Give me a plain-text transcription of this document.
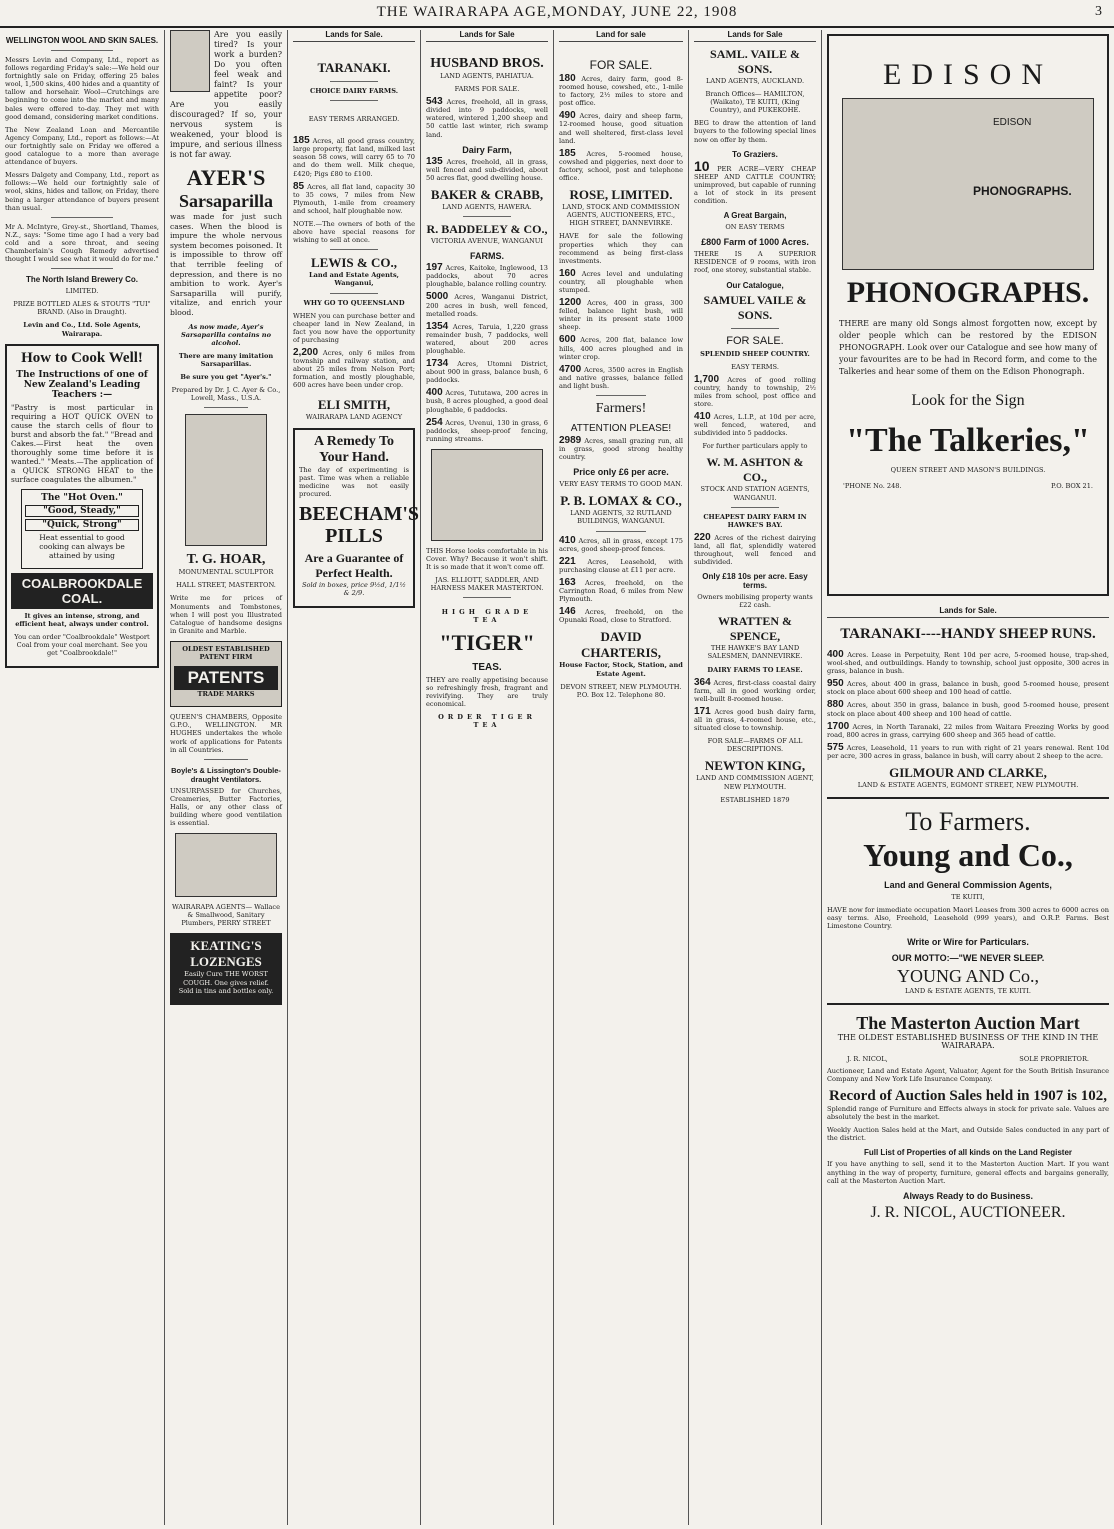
THE WAIRARAPA AGE,MONDAY, JUNE 22, 1908	3
WELLINGTON WOOL AND SKIN SALES.

Messrs Levin and Company, Ltd., report as follows regarding Friday's sale:—We held our fortnightly sale on Friday, offering 25 bales wool, 1,500 skins, 400 hides and a quantity of tallow and horsehair. Wool—Crutchings are beginning to come into the market and many bales were offered to-day. They met with good demand, considering market conditions.

The New Zealand Loan and Mercantile Agency Company, Ltd., report as follows:—At our fortnightly sale on Friday we offered a good catalogue to a more than average attendance of buyers.

Messrs Dalgety and Company, Ltd., report as follows:—We held our fortnightly sale of wool, skins, hides and tallow, on Friday, there being a larger attendance of buyers present than usual.

Mr A. McIntyre, Grey-st., Shortland, Thames, N.Z., says: "Some time ago I had a very bad cold and a sore throat, and seeing Chamberlain's Cough Remedy advertised thought I would see what it would do for me."

The North Island Brewery Co.
LIMITED.

PRIZE BOTTLED ALES & STOUTS "TUI" BRAND. (Also in Draught).

Levin and Co., Ltd. Sole Agents, Wairarapa.

How to Cook Well!
The Instructions of one of New Zealand's Leading Teachers :—

"Pastry is most particular in requiring a HOT QUICK OVEN to cause the starch cells of flour to burst and absorb the fat." "Bread and Cakes.—First heat the oven thoroughly some time before it is wanted." "Meats.—The application of a QUICK STRONG HEAT to the surface coagulates the albumen."

The "Hot Oven."
"Good, Steady,"
"Quick, Strong"
Heat essential to good cooking can always be attained by using
COALBROOKDALE COAL.
It gives an intense, strong, and efficient heat, always under control.
You can order "Coalbrookdale" Westport Coal from your coal merchant. See you get "Coalbrookdale!"

Are you easily tired? Is your work a burden? Do you often feel weak and faint? Is your appetite poor? Are you easily discouraged? If so, your nervous system is weakened, your blood is impure, and serious illness is not far away.

AYER'S
Sarsaparilla

was made for just such cases. When the blood is impure the whole nervous system becomes poisoned. It is impossible to throw off that terrible feeling of depression, and there is no ambition to work. Ayer's Sarsaparilla will purify, vitalize, and enrich your blood.

As now made, Ayer's Sarsaparilla contains no alcohol.
There are many imitation Sarsaparillas.
Be sure you get "Ayer's."
Prepared by Dr. J. C. Ayer & Co., Lowell, Mass., U.S.A.
T. G. HOAR,
MONUMENTAL SCULPTOR
HALL STREET, MASTERTON.

Write me for prices of Monuments and Tombstones, when I will post you Illustrated Catalogue of handsome designs in Granite and Marble.

OLDEST ESTABLISHED PATENT FIRM
PATENTS
TRADE MARKS

QUEEN'S CHAMBERS, Opposite G.P.O., WELLINGTON. MR HUGHES undertakes the whole work of applications for Patents in all Countries.

Boyle's & Lissington's Double-draught Ventilators.

UNSURPASSED for Churches, Creameries, Butter Factories, Halls, or any other class of building where good ventilation is essential.

WAIRARAPA AGENTS— Wallace & Smallwood, Sanitary Plumbers, PERRY STREET

KEATING'S LOZENGES

Easily Cure THE WORST COUGH. One gives relief. Sold in tins and bottles only.

Lands for Sale.
TARANAKI.
CHOICE DAIRY FARMS.
EASY TERMS ARRANGED.

185 Acres, all good grass country, large property, flat land, milked last season 58 cows, will carry 65 to 70 and do them well. Milk cheque, £420; Pigs £80 to £100.

85 Acres, all flat land, capacity 30 to 35 cows, 7 miles from New Plymouth, 1-mile from creamery and school, half ploughable now.

NOTE.—The owners of both of the above have special reasons for wishing to sell at once.

LEWIS & CO.,
Land and Estate Agents, Wanganui,
WHY GO TO QUEENSLAND

WHEN you can purchase better and cheaper land in New Zealand, in fact you now have the opportunity of purchasing

2,200 Acres, only 6 miles from township and railway station, and about 25 miles from Nelson Port; formation, and mostly ploughable, 600 acres have been under crop.

ELI SMITH,
WAIRARAPA LAND AGENCY
A Remedy To Your Hand.

The day of experimenting is past. Time was when a reliable medicine was not easily procured.

BEECHAM'S PILLS
Are a Guarantee of Perfect Health.
Sold in boxes, price 9½d, 1/1½ & 2/9.
Lands for Sale
HUSBAND BROS.
LAND AGENTS, PAHIATUA.
FARMS FOR SALE.

543 Acres, freehold, all in grass, divided into 9 paddocks, well watered, wintered 1,200 sheep and 50 cattle last winter, rich swamp land.

Dairy Farm,

135 Acres, freehold, all in grass, well fenced and sub-divided, about 50 acres flat, good dwelling house.

BAKER & CRABB,
LAND AGENTS, HAWERA.
R. BADDELEY & CO.,
VICTORIA AVENUE, WANGANUI
FARMS.

197 Acres, Kaitoke, Inglewood, 13 paddocks, about 70 acres ploughable, balance rolling country.

5000 Acres, Wanganui District, 200 acres in bush, well fenced, metalled roads.

1354 Acres, Taruia, 1,220 grass remainder bush, 7 paddocks, well watered, about 200 acres ploughable.

1734 Acres, Utomni District, about 900 in grass, balance bush, 6 paddocks.

400 Acres, Tututawa, 200 acres in bush, 8 acres ploughed, a good deal ploughable, 6 paddocks.

254 Acres, Uvenui, 130 in grass, 6 paddocks, sheep-proof fencing, running streams.

THIS Horse looks comfortable in his Cover. Why? Because it won't shift. It is so made that it won't come off.

JAS. ELLIOTT, SADDLER, AND HARNESS MAKER MASTERTON.

HIGH GRADE TEA
"TIGER"
TEAS.

THEY are really appetising because so refreshingly fresh, fragrant and revivifying. They are truly economical.

ORDER TIGER TEA
Land for sale
FOR SALE.

180 Acres, dairy farm, good 8-roomed house, cowshed, etc., 1-mile to factory, 2½ miles to store and post office.

490 Acres, dairy and sheep farm, 12-roomed house, good situation and well sheltered, first-class level land.

185 Acres, 5-roomed house, cowshed and piggeries, next door to factory, school, post and telephone office.

ROSE, LIMITED.
LAND, STOCK AND COMMISSION AGENTS, AUCTIONEERS, ETC., HIGH STREET, DANNEVIRKE.

HAVE for sale the following properties which they can recommend as being first-class investments.

160 Acres level and undulating country, all ploughable when stumped.

1200 Acres, 400 in grass, 300 felled, balance light bush, will winter in its present state 1000 sheep.

600 Acres, 200 flat, balance low hills, 400 acres ploughed and in winter crop.

4700 Acres, 3500 acres in English and native grasses, balance felled and light bush.

Farmers!
ATTENTION PLEASE!

2989 Acres, small grazing run, all in grass, good strong healthy country.

Price only £6 per acre.
VERY EASY TERMS TO GOOD MAN.
P. B. LOMAX & CO.,
LAND AGENTS, 32 RUTLAND BUILDINGS, WANGANUI.

410 Acres, all in grass, except 175 acres, good sheep-proof fences.

221 Acres, Leasehold, with purchasing clause at £11 per acre.

163 Acres, freehold, on the Carrington Road, 6 miles from New Plymouth.

146 Acres, freehold, on the Opunaki Road, close to Stratford.

DAVID CHARTERIS,
House Factor, Stock, Station, and Estate Agent.
DEVON STREET, NEW PLYMOUTH. P.O. Box 12. Telephone 80.
Lands for Sale
SAML. VAILE & SONS.
LAND AGENTS, AUCKLAND.
Branch Offices— HAMILTON, (Waikato), TE KUITI, (King Country), and PUKEKOHE.

BEG to draw the attention of land buyers to the following special lines now on offer by them.

To Graziers.

10 PER ACRE—VERY CHEAP SHEEP AND CATTLE COUNTRY; unimproved, but capable of running a lot of stock in its present condition.

A Great Bargain,
ON EASY TERMS
£800 Farm of 1000 Acres.

THERE IS A SUPERIOR RESIDENCE of 9 rooms, with iron roof, one storey, substantial stable.

Our Catalogue,
SAMUEL VAILE & SONS.
FOR SALE.
SPLENDID SHEEP COUNTRY.
EASY TERMS.

1,700 Acres of good rolling country, handy to township, 2½ miles from school, post office and store.

410 Acres, L.I.P., at 10d per acre, well fenced, watered, and subdivided into 5 paddocks.

For further particulars apply to
W. M. ASHTON & CO.,
STOCK AND STATION AGENTS, WANGANUI.
CHEAPEST DAIRY FARM IN HAWKE'S BAY.

220 Acres of the richest dairying land, all flat, splendidly watered throughout, well fenced and subdivided.

Only £18 10s per acre. Easy terms.
Owners mobilising property wants £22 cash.
WRATTEN & SPENCE,
THE HAWKE'S BAY LAND SALESMEN, DANNEVIRKE.
DAIRY FARMS TO LEASE.

364 Acres, first-class coastal dairy farm, all in good working order, well-built 8-roomed house.

171 Acres good bush dairy farm, all in grass, 4-roomed house, etc., situated close to township.

FOR SALE—FARMS OF ALL DESCRIPTIONS.
NEWTON KING,
LAND AND COMMISSION AGENT, NEW PLYMOUTH.
ESTABLISHED 1879
EDISON
EDISON
PHONOGRAPHS.
PHONOGRAPHS.

THERE are many old Songs almost forgotten now, except by older people which can be restored by the EDISON PHONOGRAPH. Look over our Catalogue and see how many of your favourites are to be had in Record form, and come to the Talkeries and hear some of them on the Edison Phonograph.

Look for the Sign
"The Talkeries,"
QUEEN STREET AND MASON'S BUILDINGS.
'PHONE No. 248.	P.O. BOX 21.
Lands for Sale.
TARANAKI----HANDY SHEEP RUNS.

400 Acres. Lease in Perpetuity, Rent 10d per acre, 5-roomed house, trap-shed, wool-shed, and outbuildings. Handy to township, school just opposite, 300 acres in grass, balance in bush.

950 Acres, about 400 in grass, balance in bush, good 5-roomed house, present stock on place about 600 sheep and 100 head of cattle.

880 Acres, about 350 in grass, balance in bush, good 5-roomed house, present stock on place about 400 sheep and 100 head of cattle.

1700 Acres, in North Taranaki, 22 miles from Waitara Freezing Works by good road, 800 acres in grass, carrying 600 sheep and 365 head of cattle.

575 Acres, Leasehold, 11 years to run with right of 21 years renewal. Rent 10d per acre, 300 acres in grass, balance in bush, will carry about 2 sheep to the acre.

GILMOUR AND CLARKE,
LAND & ESTATE AGENTS, EGMONT STREET, NEW PLYMOUTH.
To Farmers.
Young and Co.,
Land and General Commission Agents,
TE KUITI,

HAVE now for immediate occupation Maori Leases from 300 acres to 6000 acres on easy terms. Also, Freehold, Leasehold (999 years), and O.R.P. Farms. Best Limestone Country.

Write or Wire for Particulars.
OUR MOTTO:—"WE NEVER SLEEP.
YOUNG AND Co.,
LAND & ESTATE AGENTS, TE KUITI.
The Masterton Auction Mart
THE OLDEST ESTABLISHED BUSINESS OF THE KIND IN THE WAIRARAPA.
J. R. NICOL,	SOLE PROPRIETOR.

Auctioneer, Land and Estate Agent, Valuator, Agent for the South British Insurance Company and New York Life Insurance Company.

Record of Auction Sales held in 1907 is 102,

Splendid range of Furniture and Effects always in stock for private sale. Values are absolutely the best in the market.

Weekly Auction Sales held at the Mart, and Outside Sales conducted in any part of the district.

Full List of Properties of all kinds on the Land Register

If you have anything to sell, send it to the Masterton Auction Mart. If you want anything in the way of property, furniture, general effects and bargains generally, call at the Masterton Auction Mart.

Always Ready to do Business.
J. R. NICOL, AUCTIONEER.
